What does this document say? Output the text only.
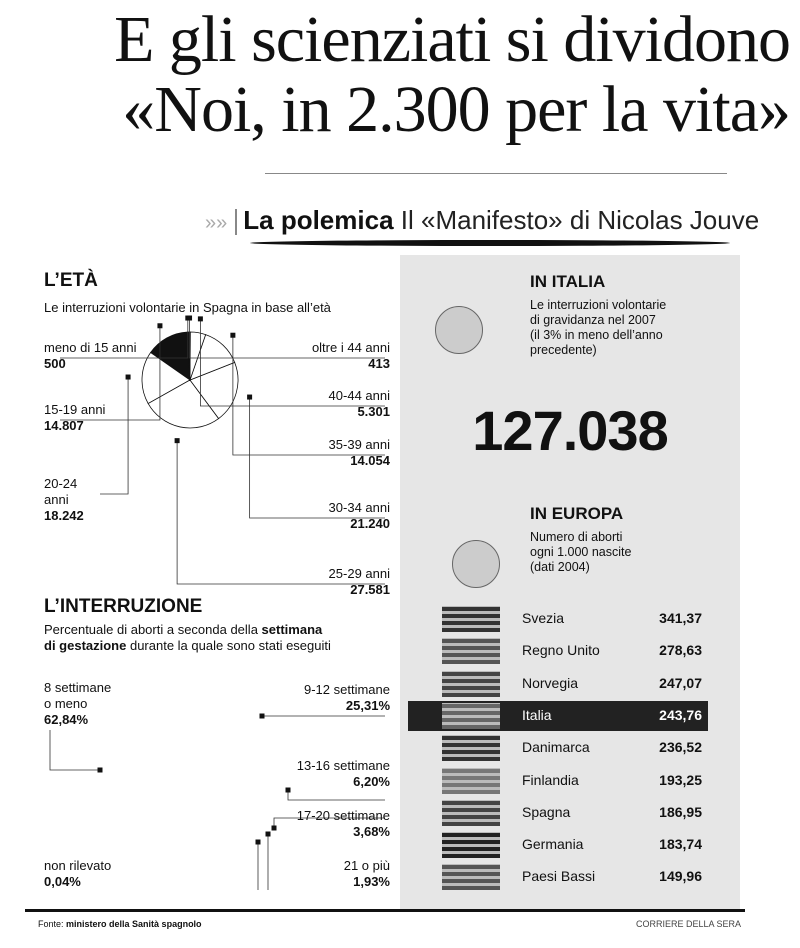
E gli scienziati si dividono
«Noi, in 2.300 per la vita»
»» La polemica Il «Manifesto» di Nicolas Jouve
L’ETÀ
Le interruzioni volontarie in Spagna in base all’età
L’INTERRUZIONE
Percentuale di aborti a seconda della settimana
di gestazione durante la quale sono stati eseguiti
IN ITALIA
Le interruzioni volontarie
di gravidanza nel 2007
(il 3% in meno dell’anno
precedente)
127.038
IN EUROPA
Numero di aborti
ogni 1.000 nascite
(dati 2004)
Svezia	341,37
Regno Unito	278,63
Norvegia	247,07
Italia	243,76
Danimarca	236,52
Finlandia	193,25
Spagna	186,95
Germania	183,74
Paesi Bassi	149,96
meno di 15 anni
500
15-19 anni
14.807
20-24
anni
18.242
25-29 anni
27.581
30-34 anni
21.240
35-39 anni
14.054
40-44 anni
5.301
oltre i 44 anni
413
8 settimane
o meno
62,84%
9-12 settimane
25,31%
13-16 settimane
6,20%
17-20 settimane
3,68%
21 o più
1,93%
non rilevato
0,04%
Fonte: ministero della Sanità spagnolo	CORRIERE DELLA SERA
